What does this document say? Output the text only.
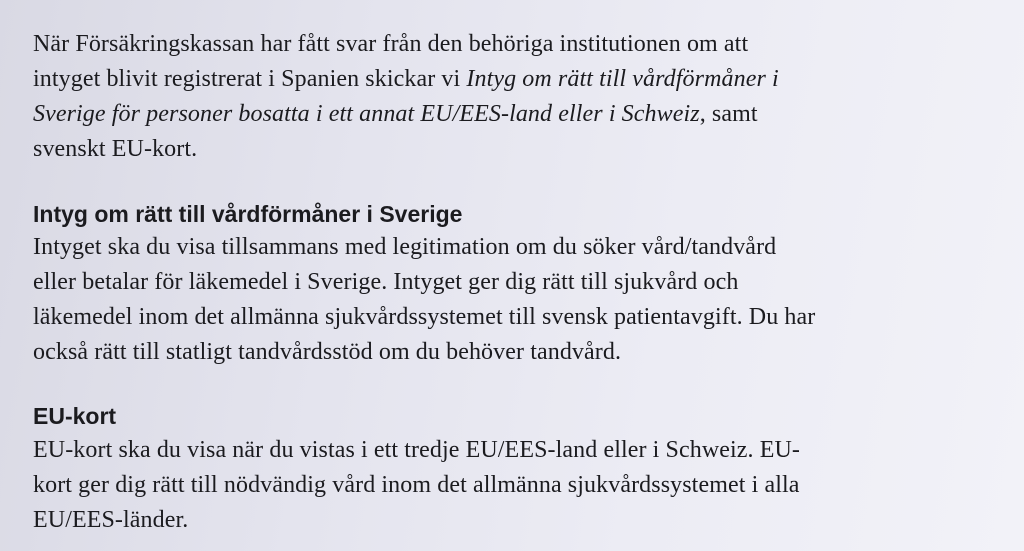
När Försäkringskassan har fått svar från den behöriga institutionen om att
intyget blivit registrerat i Spanien skickar vi Intyg om rätt till vårdförmåner i
Sverige för personer bosatta i ett annat EU/EES-land eller i Schweiz, samt
svenskt EU-kort.
Intyg om rätt till vårdförmåner i Sverige
Intyget ska du visa tillsammans med legitimation om du söker vård/tandvård
eller betalar för läkemedel i Sverige. Intyget ger dig rätt till sjukvård och
läkemedel inom det allmänna sjukvårdssystemet till svensk patientavgift. Du har
också rätt till statligt tandvårdsstöd om du behöver tandvård.
EU-kort
EU-kort ska du visa när du vistas i ett tredje EU/EES-land eller i Schweiz. EU-
kort ger dig rätt till nödvändig vård inom det allmänna sjukvårdssystemet i alla
EU/EES-länder.
